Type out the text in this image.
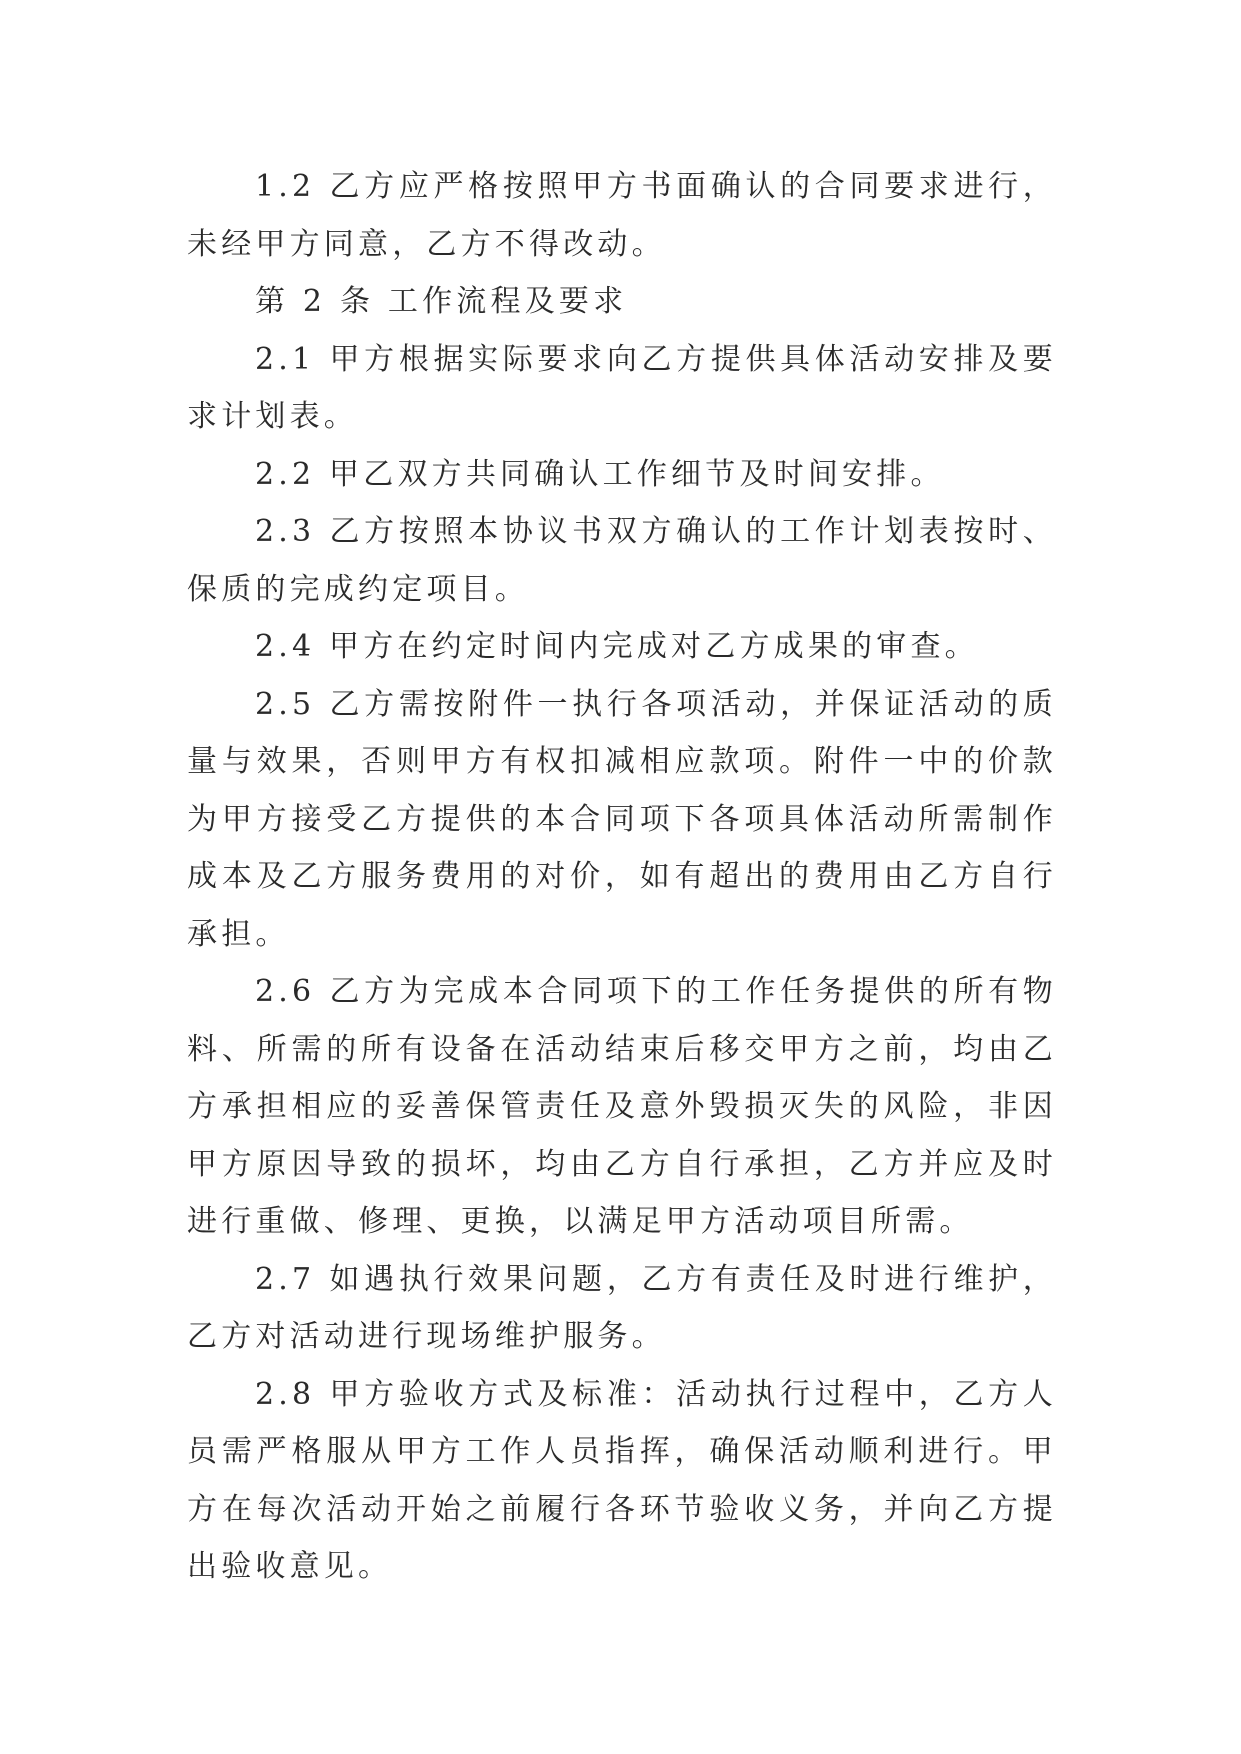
1.2 乙方应严格按照甲方书面确认的合同要求进行，未经甲方同意，乙方不得改动。

第 2 条 工作流程及要求

2.1 甲方根据实际要求向乙方提供具体活动安排及要求计划表。

2.2 甲乙双方共同确认工作细节及时间安排。

2.3 乙方按照本协议书双方确认的工作计划表按时、保质的完成约定项目。

2.4 甲方在约定时间内完成对乙方成果的审查。

2.5 乙方需按附件一执行各项活动，并保证活动的质量与效果，否则甲方有权扣减相应款项。附件一中的价款为甲方接受乙方提供的本合同项下各项具体活动所需制作成本及乙方服务费用的对价，如有超出的费用由乙方自行承担。

2.6 乙方为完成本合同项下的工作任务提供的所有物料、所需的所有设备在活动结束后移交甲方之前，均由乙方承担相应的妥善保管责任及意外毁损灭失的风险，非因甲方原因导致的损坏，均由乙方自行承担，乙方并应及时进行重做、修理、更换，以满足甲方活动项目所需。

2.7 如遇执行效果问题，乙方有责任及时进行维护，乙方对活动进行现场维护服务。

2.8 甲方验收方式及标准：活动执行过程中，乙方人员需严格服从甲方工作人员指挥，确保活动顺利进行。甲方在每次活动开始之前履行各环节验收义务，并向乙方提出验收意见。
